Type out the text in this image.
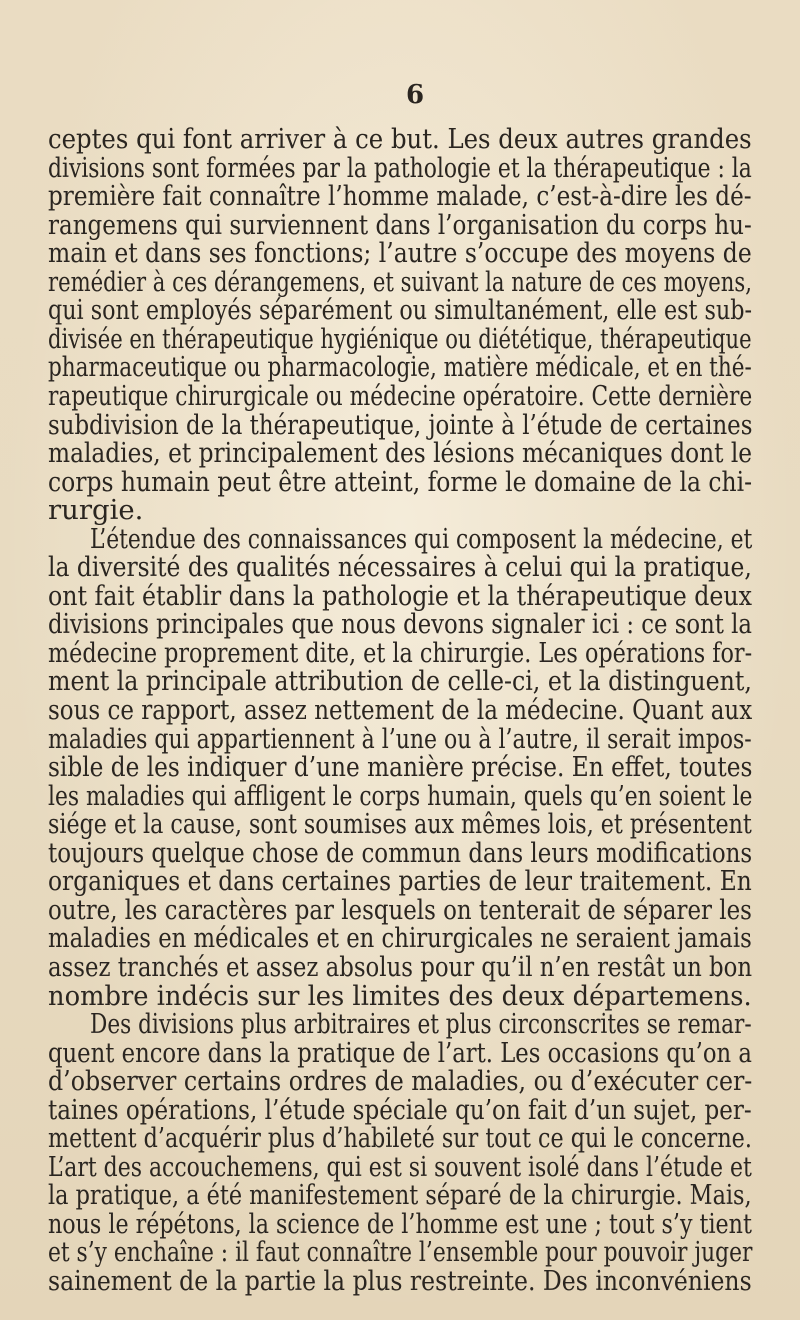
6
ceptes qui font arriver à ce but. Les deux autres grandes
divisions sont formées par la pathologie et la thérapeutique : la
première fait connaître l’homme malade, c’est-à-dire les dé-
rangemens qui surviennent dans l’organisation du corps hu-
main et dans ses fonctions; l’autre s’occupe des moyens de
remédier à ces dérangemens, et suivant la nature de ces moyens,
qui sont employés séparément ou simultanément, elle est sub-
divisée en thérapeutique hygiénique ou diététique, thérapeutique
pharmaceutique ou pharmacologie, matière médicale, et en thé-
rapeutique chirurgicale ou médecine opératoire. Cette dernière
subdivision de la thérapeutique, jointe à l’étude de certaines
maladies, et principalement des lésions mécaniques dont le
corps humain peut être atteint, forme le domaine de la chi-
rurgie.
L’étendue des connaissances qui composent la médecine, et
la diversité des qualités nécessaires à celui qui la pratique,
ont fait établir dans la pathologie et la thérapeutique deux
divisions principales que nous devons signaler ici : ce sont la
médecine proprement dite, et la chirurgie. Les opérations for-
ment la principale attribution de celle-ci, et la distinguent,
sous ce rapport, assez nettement de la médecine. Quant aux
maladies qui appartiennent à l’une ou à l’autre, il serait impos-
sible de les indiquer d’une manière précise. En effet, toutes
les maladies qui affligent le corps humain, quels qu’en soient le
siége et la cause, sont soumises aux mêmes lois, et présentent
toujours quelque chose de commun dans leurs modifications
organiques et dans certaines parties de leur traitement. En
outre, les caractères par lesquels on tenterait de séparer les
maladies en médicales et en chirurgicales ne seraient jamais
assez tranchés et assez absolus pour qu’il n’en restât un bon
nombre indécis sur les limites des deux départemens.
Des divisions plus arbitraires et plus circonscrites se remar-
quent encore dans la pratique de l’art. Les occasions qu’on a
d’observer certains ordres de maladies, ou d’exécuter cer-
taines opérations, l’étude spéciale qu’on fait d’un sujet, per-
mettent d’acquérir plus d’habileté sur tout ce qui le concerne.
L’art des accouchemens, qui est si souvent isolé dans l’étude et
la pratique, a été manifestement séparé de la chirurgie. Mais,
nous le répétons, la science de l’homme est une ; tout s’y tient
et s’y enchaîne : il faut connaître l’ensemble pour pouvoir juger
sainement de la partie la plus restreinte. Des inconvéniens
